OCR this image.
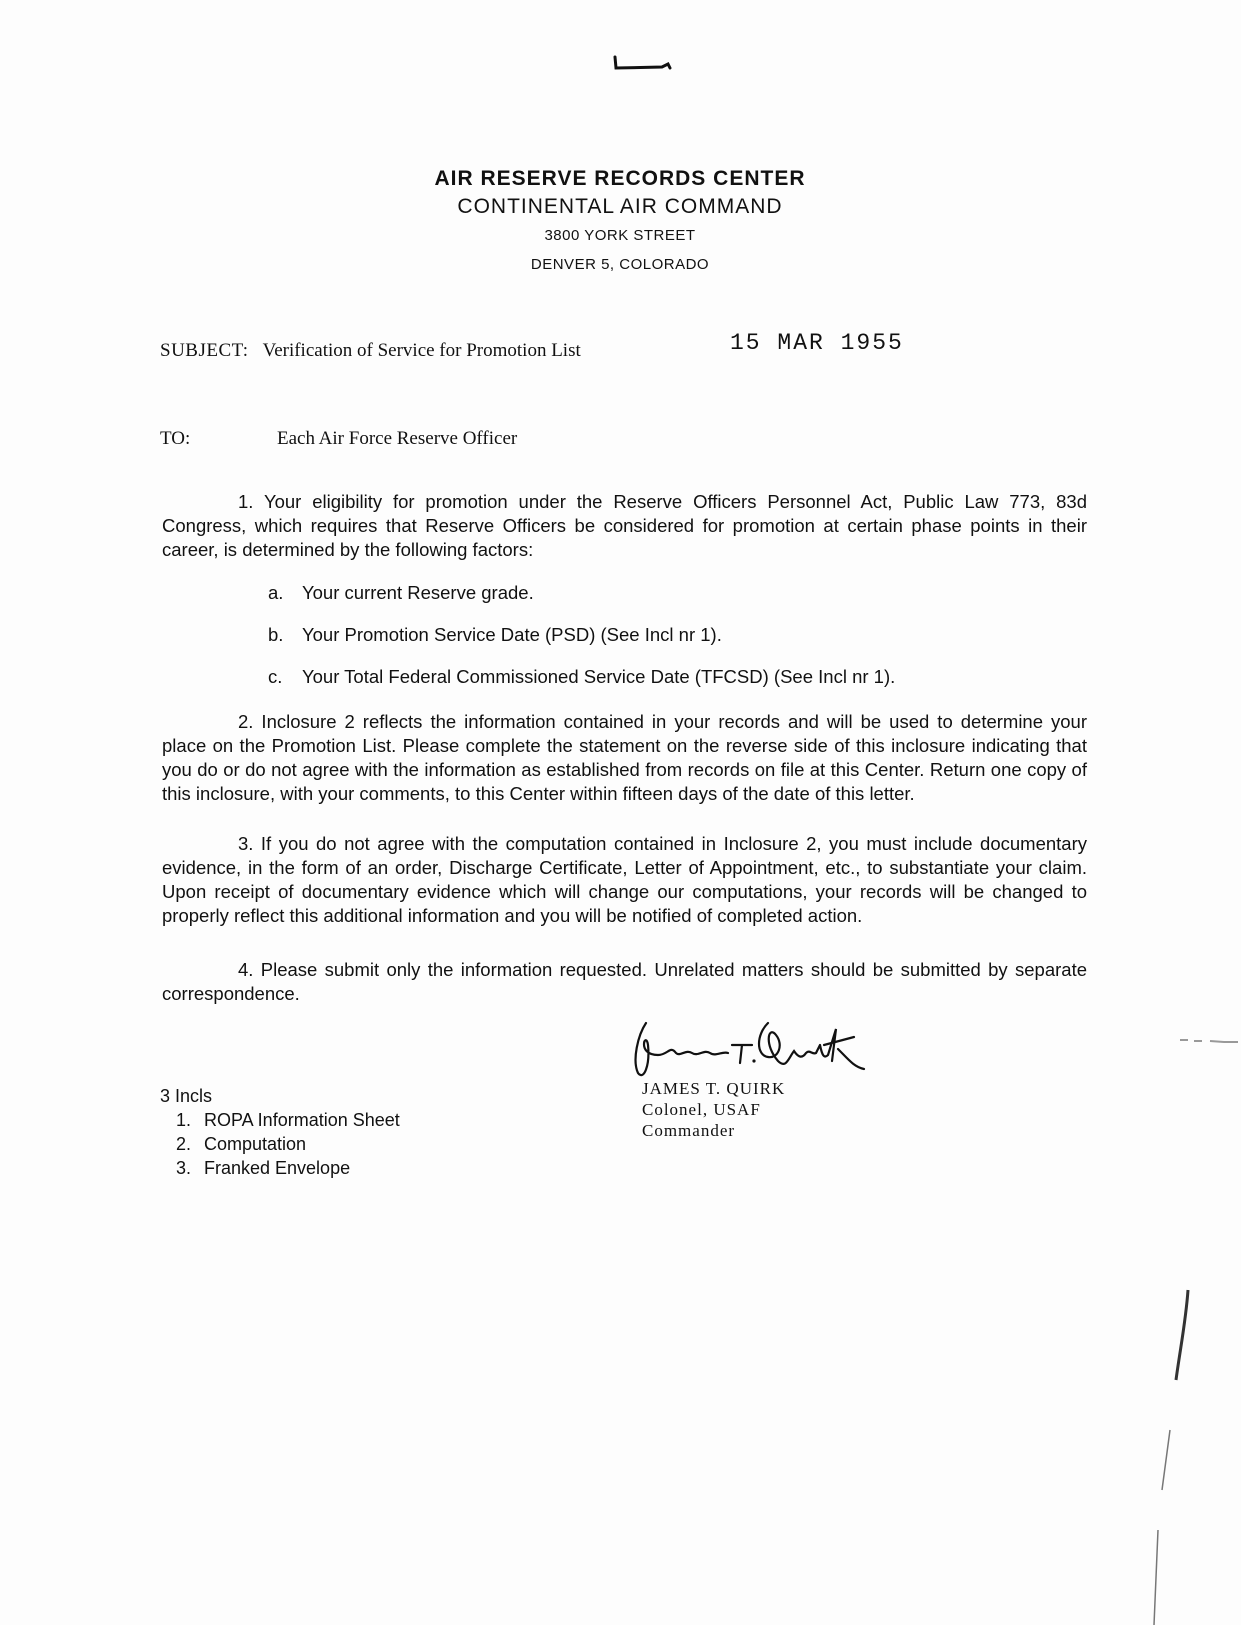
AIR RESERVE RECORDS CENTER

CONTINENTAL AIR COMMAND

3800 YORK STREET

DENVER 5, COLORADO

SUBJECT: Verification of Service for Promotion List	15 MAR 1955
TO:	Each Air Force Reserve Officer
1. Your eligibility for promotion under the Reserve Officers Personnel Act, Public Law 773, 83d Congress, which requires that Reserve Officers be considered for promotion at certain phase points in their career, is determined by the following factors:
a. Your current Reserve grade.
b. Your Promotion Service Date (PSD) (See Incl nr 1).
c. Your Total Federal Commissioned Service Date (TFCSD) (See Incl nr 1).
2. Inclosure 2 reflects the information contained in your records and will be used to determine your place on the Promotion List. Please complete the statement on the reverse side of this inclosure indicating that you do or do not agree with the information as established from records on file at this Center. Return one copy of this inclosure, with your comments, to this Center within fifteen days of the date of this letter.
3. If you do not agree with the computation contained in Inclosure 2, you must include documentary evidence, in the form of an order, Discharge Certificate, Letter of Appointment, etc., to substantiate your claim. Upon receipt of documentary evidence which will change our computations, your records will be changed to properly reflect this additional information and you will be notified of completed action.
4. Please submit only the information requested. Unrelated matters should be submitted by separate correspondence.
JAMES T. QUIRK
Colonel, USAF
Commander
3 Incls
1. ROPA Information Sheet
2. Computation
3. Franked Envelope
